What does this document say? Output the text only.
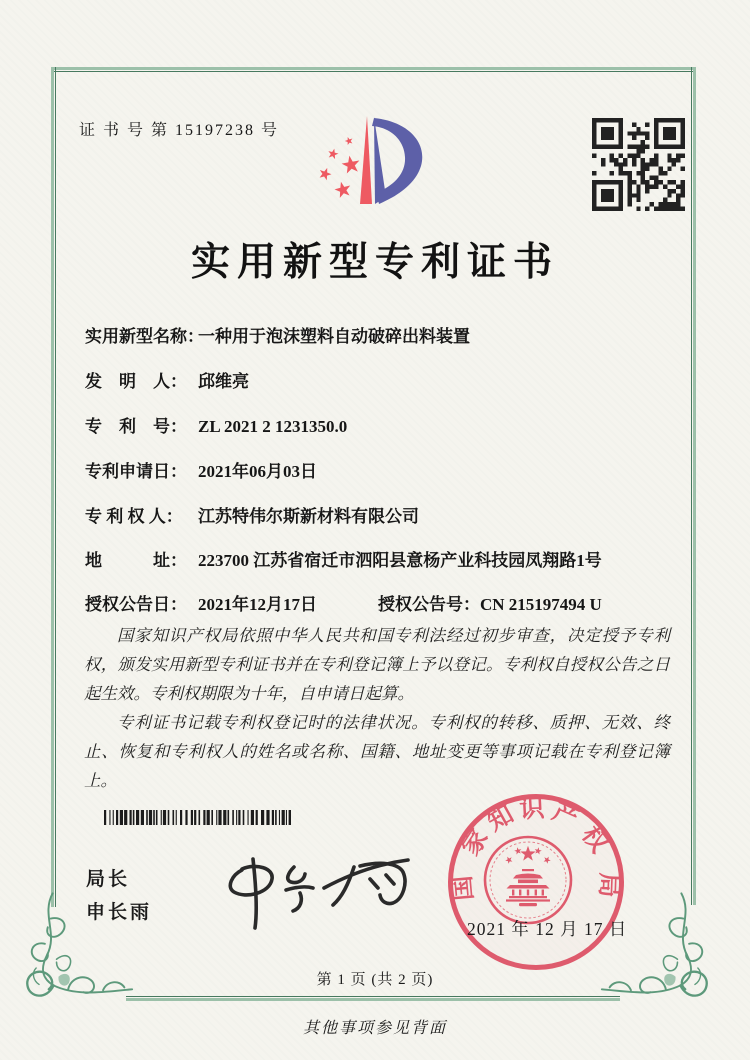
证 书 号 第 15197238 号
实用新型专利证书
实用新型名称：一种用于泡沫塑料自动破碎出料装置
发　明　人： 邱维亮
专　利　号： ZL 2021 2 1231350.0
专利申请日： 2021年06月03日
专 利 权 人： 江苏特伟尔斯新材料有限公司
地　　　址： 223700 江苏省宿迁市泗阳县意杨产业科技园凤翔路1号
授权公告日： 2021年12月17日	授权公告号：CN 215197494 U

国家知识产权局依照中华人民共和国专利法经过初步审查，决定授予专利权，颁发实用新型专利证书并在专利登记簿上予以登记。专利权自授权公告之日起生效。专利权期限为十年，自申请日起算。

专利证书记载专利权登记时的法律状况。专利权的转移、质押、无效、终止、恢复和专利权人的姓名或名称、国籍、地址变更等事项记载在专利登记簿上。

局长
申长雨
国
家
知 识 产
权
局
2021 年 12 月 17 日
第 1 页 (共 2 页)
其他事项参见背面
